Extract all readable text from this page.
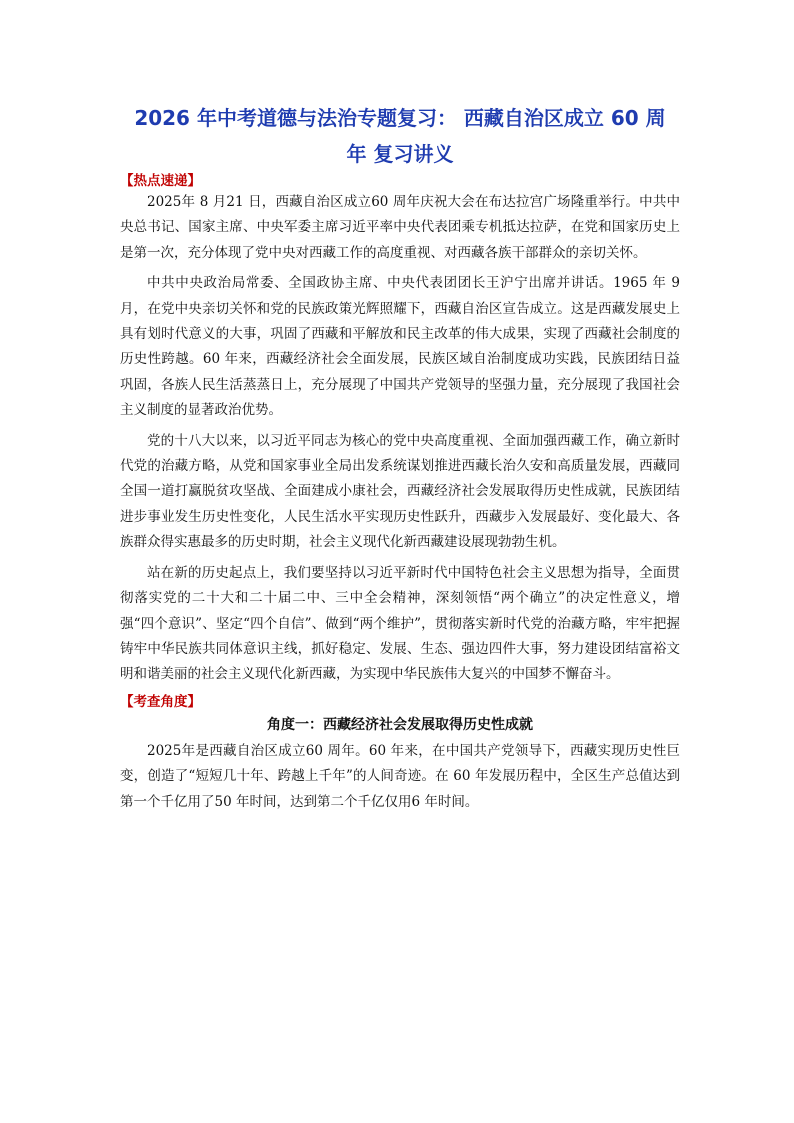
2026 年中考道德与法治专题复习： 西藏自治区成立 60 周
年 复习讲义

【热点速递】

2025年 8 月21 日，西藏自治区成立60 周年庆祝大会在布达拉宫广场隆重举行。中共中央总书记、国家主席、中央军委主席习近平率中央代表团乘专机抵达拉萨，在党和国家历史上是第一次，充分体现了党中央对西藏工作的高度重视、对西藏各族干部群众的亲切关怀。

中共中央政治局常委、全国政协主席、中央代表团团长王沪宁出席并讲话。1965 年 9 月，在党中央亲切关怀和党的民族政策光辉照耀下，西藏自治区宣告成立。这是西藏发展史上具有划时代意义的大事，巩固了西藏和平解放和民主改革的伟大成果，实现了西藏社会制度的历史性跨越。60 年来，西藏经济社会全面发展，民族区域自治制度成功实践，民族团结日益巩固，各族人民生活蒸蒸日上，充分展现了中国共产党领导的坚强力量，充分展现了我国社会主义制度的显著政治优势。

党的十八大以来，以习近平同志为核心的党中央高度重视、全面加强西藏工作，确立新时代党的治藏方略，从党和国家事业全局出发系统谋划推进西藏长治久安和高质量发展，西藏同全国一道打赢脱贫攻坚战、全面建成小康社会，西藏经济社会发展取得历史性成就，民族团结进步事业发生历史性变化，人民生活水平实现历史性跃升，西藏步入发展最好、变化最大、各族群众得实惠最多的历史时期，社会主义现代化新西藏建设展现勃勃生机。

站在新的历史起点上，我们要坚持以习近平新时代中国特色社会主义思想为指导，全面贯彻落实党的二十大和二十届二中、三中全会精神，深刻领悟“两个确立”的决定性意义，增强“四个意识”、坚定“四个自信”、做到“两个维护”，贯彻落实新时代党的治藏方略，牢牢把握铸牢中华民族共同体意识主线，抓好稳定、发展、生态、强边四件大事，努力建设团结富裕文明和谐美丽的社会主义现代化新西藏，为实现中华民族伟大复兴的中国梦不懈奋斗。

【考查角度】

角度一：西藏经济社会发展取得历史性成就

2025年是西藏自治区成立60 周年。60 年来，在中国共产党领导下，西藏实现历史性巨变，创造了“短短几十年、跨越上千年”的人间奇迹。在 60 年发展历程中，全区生产总值达到第一个千亿用了50 年时间，达到第二个千亿仅用6 年时间。
